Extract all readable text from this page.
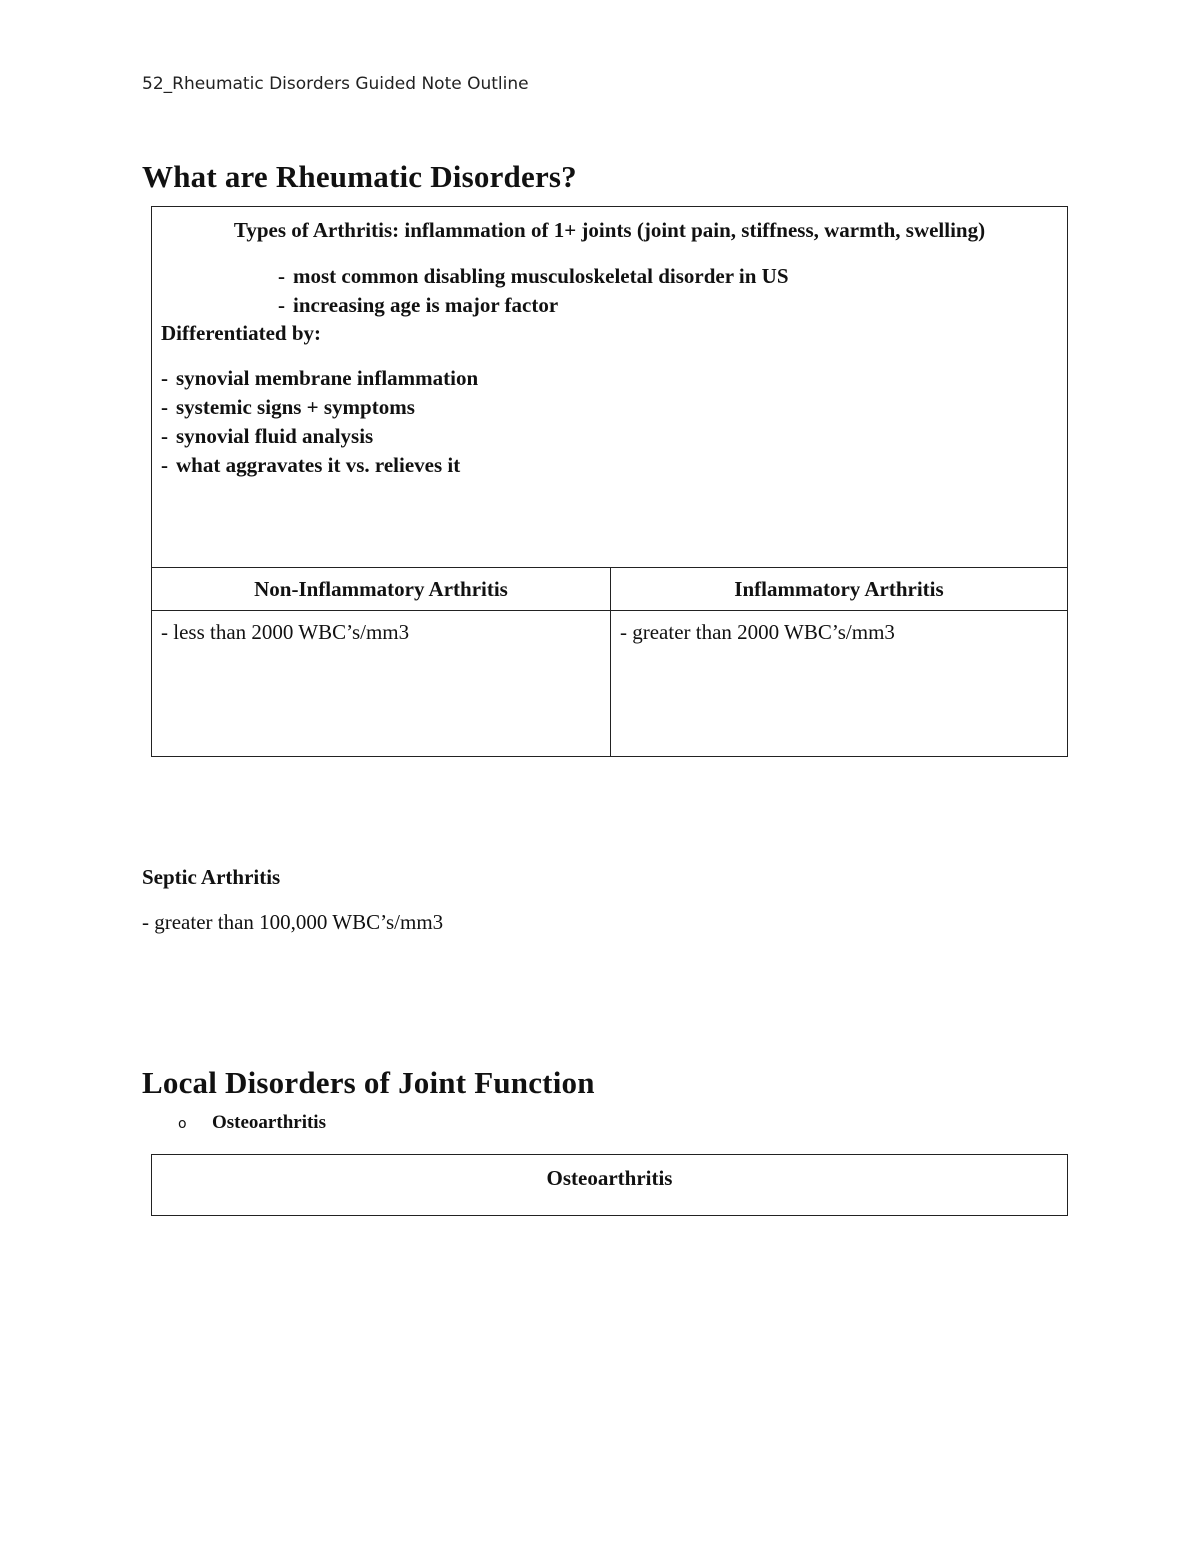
52_Rheumatic Disorders Guided Note Outline
What are Rheumatic Disorders?
Types of Arthritis: inflammation of 1+ joints (joint pain, stiffness, warmth, swelling)
- most common disabling musculoskeletal disorder in US
- increasing age is major factor
Differentiated by:
- synovial membrane inflammation
- systemic signs + symptoms
- synovial fluid analysis
- what aggravates it vs. relieves it
Non-Inflammatory Arthritis
- less than 2000 WBC’s/mm3
Inflammatory Arthritis
- greater than 2000 WBC’s/mm3
Septic Arthritis
- greater than 100,000 WBC’s/mm3
Local Disorders of Joint Function
o Osteoarthritis
Osteoarthritis
